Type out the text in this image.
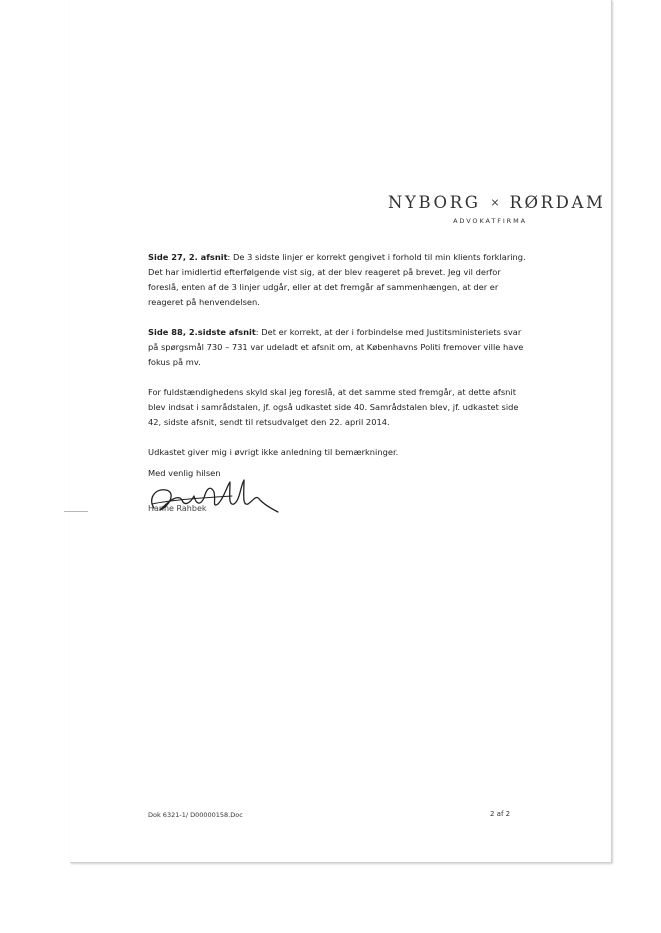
NYBORG × RØRDAM
ADVOKATFIRMA

Side 27, 2. afsnit: De 3 sidste linjer er korrekt gengivet i forhold til min klients forklaring. Det har imidlertid efterfølgende vist sig, at der blev reageret på brevet. Jeg vil derfor foreslå, enten af de 3 linjer udgår, eller at det fremgår af sammenhængen, at der er reageret på henvendelsen.

Side 88, 2.sidste afsnit: Det er korrekt, at der i forbindelse med Justitsministeriets svar på spørgsmål 730 – 731 var udeladt et afsnit om, at Københavns Politi fremover ville have fokus på mv.

For fuldstændighedens skyld skal jeg foreslå, at det samme sted fremgår, at dette afsnit blev indsat i samrådstalen, jf. også udkastet side 40. Samrådstalen blev, jf. udkastet side 42, sidste afsnit, sendt til retsudvalget den 22. april 2014.

Udkastet giver mig i øvrigt ikke anledning til bemærkninger.

Med venlig hilsen
Hanne Rahbek
Dok 6321-1/ D00000158.Doc	2 af 2
